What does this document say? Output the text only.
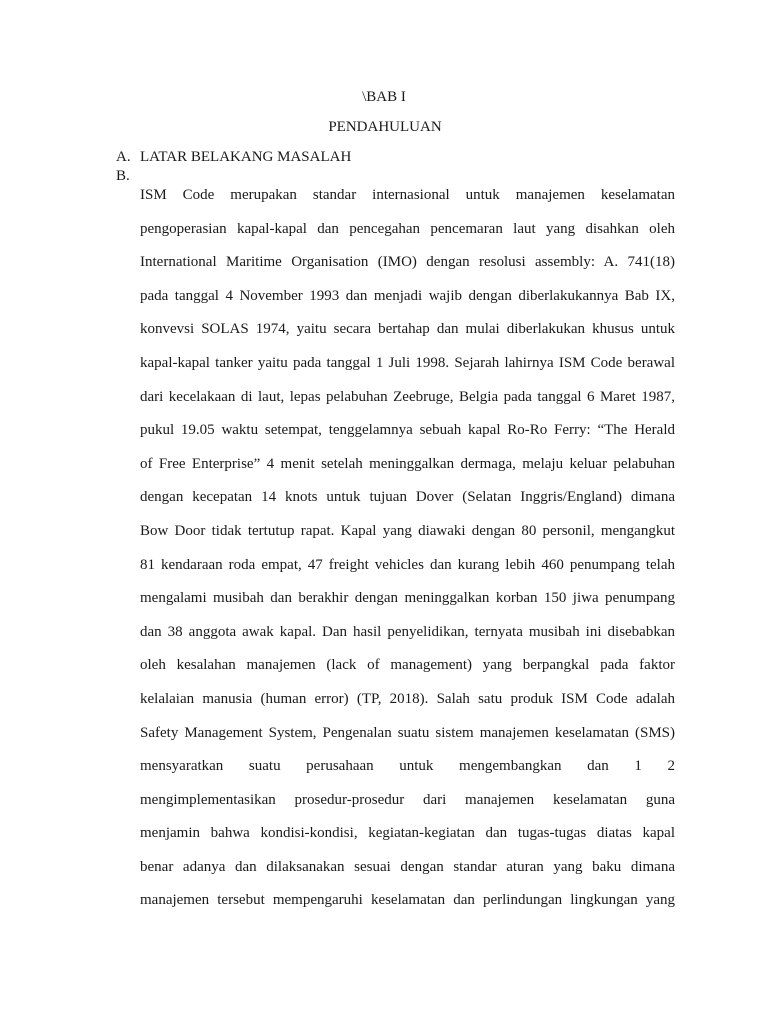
\BAB I
PENDAHULUAN
A. LATAR BELAKANG MASALAH
B.
ISM Code merupakan standar internasional untuk manajemen keselamatan
pengoperasian kapal-kapal dan pencegahan pencemaran laut yang disahkan oleh
International Maritime Organisation (IMO) dengan resolusi assembly: A. 741(18)
pada tanggal 4 November 1993 dan menjadi wajib dengan diberlakukannya Bab IX,
konvevsi SOLAS 1974, yaitu secara bertahap dan mulai diberlakukan khusus untuk
kapal-kapal tanker yaitu pada tanggal 1 Juli 1998. Sejarah lahirnya ISM Code berawal
dari kecelakaan di laut, lepas pelabuhan Zeebruge, Belgia pada tanggal 6 Maret 1987,
pukul 19.05 waktu setempat, tenggelamnya sebuah kapal Ro-Ro Ferry: “The Herald
of Free Enterprise” 4 menit setelah meninggalkan dermaga, melaju keluar pelabuhan
dengan kecepatan 14 knots untuk tujuan Dover (Selatan Inggris/England) dimana
Bow Door tidak tertutup rapat. Kapal yang diawaki dengan 80 personil, mengangkut
81 kendaraan roda empat, 47 freight vehicles dan kurang lebih 460 penumpang telah
mengalami musibah dan berakhir dengan meninggalkan korban 150 jiwa penumpang
dan 38 anggota awak kapal. Dan hasil penyelidikan, ternyata musibah ini disebabkan
oleh kesalahan manajemen (lack of management) yang berpangkal pada faktor
kelalaian manusia (human error) (TP, 2018). Salah satu produk ISM Code adalah
Safety Management System, Pengenalan suatu sistem manajemen keselamatan (SMS)
mensyaratkan suatu perusahaan untuk mengembangkan dan 1 2
mengimplementasikan prosedur-prosedur dari manajemen keselamatan guna
menjamin bahwa kondisi-kondisi, kegiatan-kegiatan dan tugas-tugas diatas kapal
benar adanya dan dilaksanakan sesuai dengan standar aturan yang baku dimana
manajemen tersebut mempengaruhi keselamatan dan perlindungan lingkungan yang
